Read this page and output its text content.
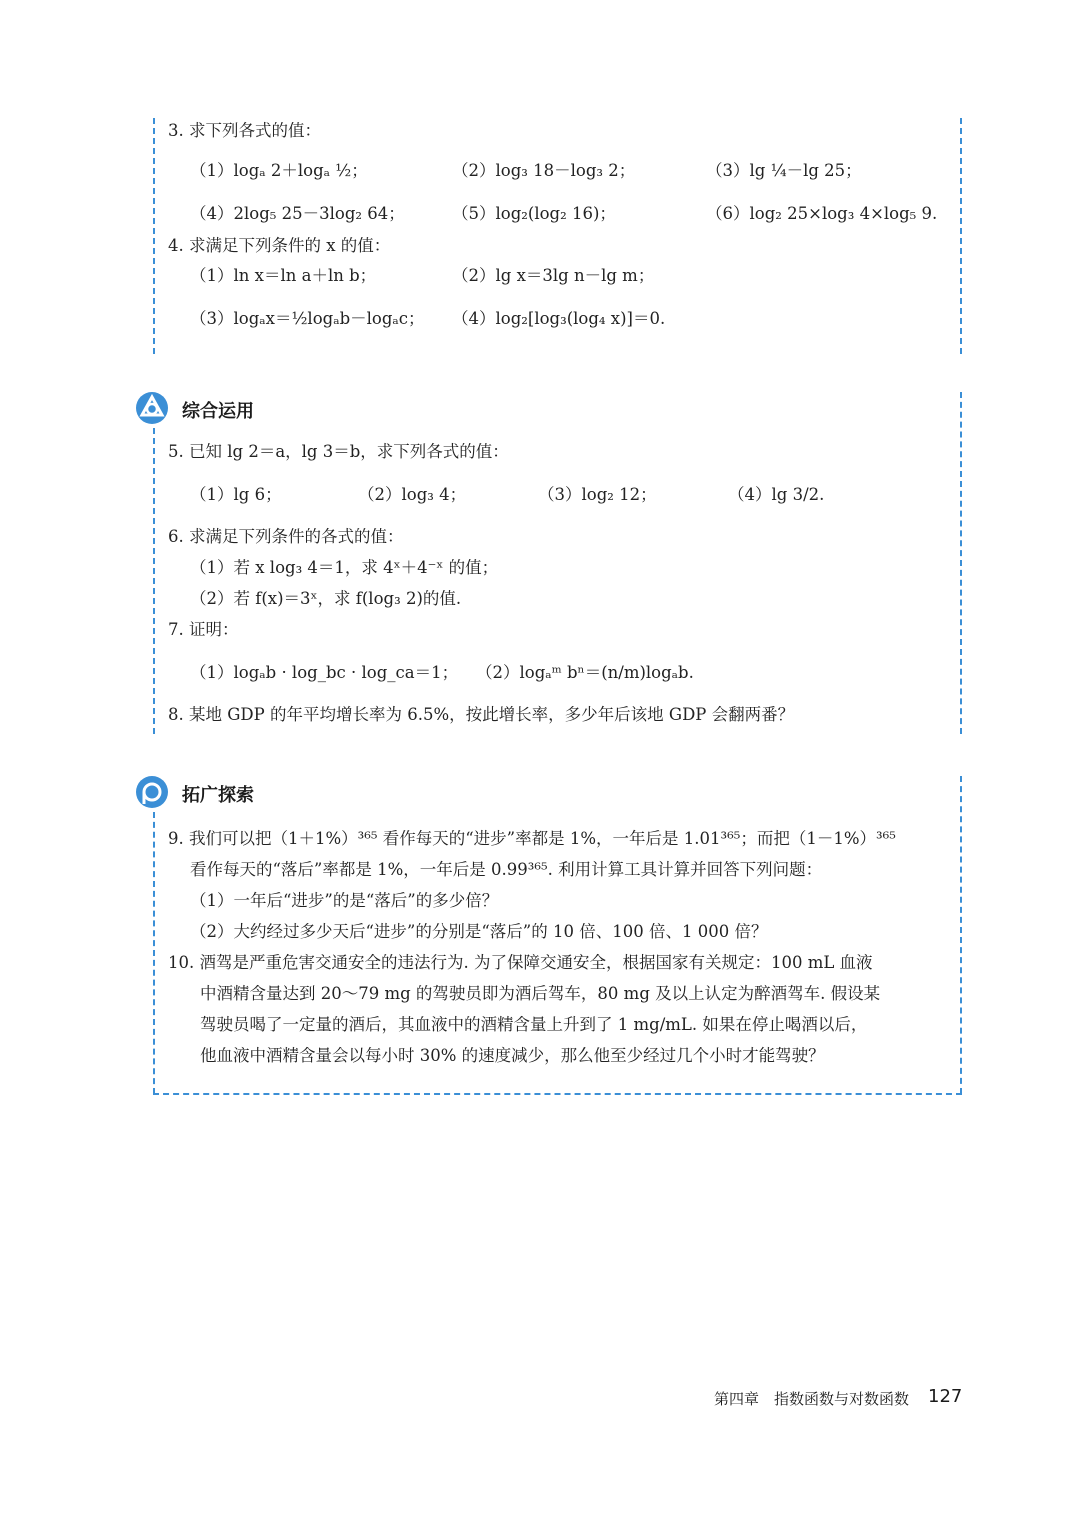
3. 求下列各式的值：
（1）logₐ 2＋logₐ ½；	（2）log₃ 18－log₃ 2；	（3）lg ¼－lg 25；
（4）2log₅ 25－3log₂ 64；	（5）log₂(log₂ 16)；	（6）log₂ 25×log₃ 4×log₅ 9.
4. 求满足下列条件的 x 的值：
（1）ln x＝ln a＋ln b；	（2）lg x＝3lg n－lg m；
（3）logₐx＝½logₐb－logₐc； （4）log₂[log₃(log₄ x)]＝0.
综合运用
5. 已知 lg 2＝a，lg 3＝b，求下列各式的值：
（1）lg 6；	（2）log₃ 4；	（3）log₂ 12；	（4）lg 3/2.
6. 求满足下列条件的各式的值：
（1）若 x log₃ 4＝1，求 4ˣ＋4⁻ˣ 的值；
（2）若 f(x)＝3ˣ，求 f(log₃ 2)的值.
7. 证明：
（1）logₐb · log_bc · log_ca＝1； （2）logₐᵐ bⁿ＝(n/m)logₐb.
8. 某地 GDP 的年平均增长率为 6.5%，按此增长率，多少年后该地 GDP 会翻两番？
拓广探索
9. 我们可以把（1＋1%）³⁶⁵ 看作每天的“进步”率都是 1%，一年后是 1.01³⁶⁵；而把（1－1%）³⁶⁵
看作每天的“落后”率都是 1%，一年后是 0.99³⁶⁵. 利用计算工具计算并回答下列问题：
（1）一年后“进步”的是“落后”的多少倍？
（2）大约经过多少天后“进步”的分别是“落后”的 10 倍、100 倍、1 000 倍？
10. 酒驾是严重危害交通安全的违法行为. 为了保障交通安全，根据国家有关规定：100 mL 血液
中酒精含量达到 20～79 mg 的驾驶员即为酒后驾车，80 mg 及以上认定为醉酒驾车. 假设某
驾驶员喝了一定量的酒后，其血液中的酒精含量上升到了 1 mg/mL. 如果在停止喝酒以后，
他血液中酒精含量会以每小时 30% 的速度减少，那么他至少经过几个小时才能驾驶？
第四章　指数函数与对数函数 127
